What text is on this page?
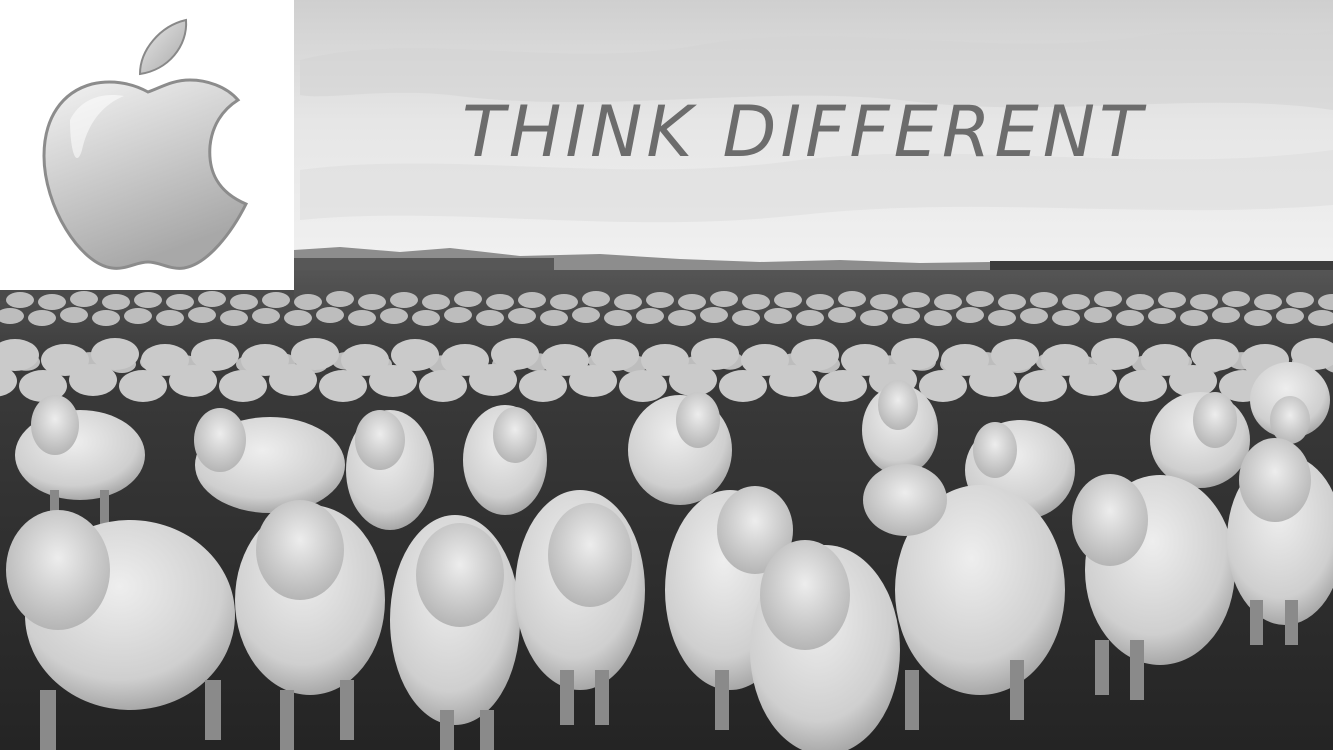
THINK DIFFERENT
